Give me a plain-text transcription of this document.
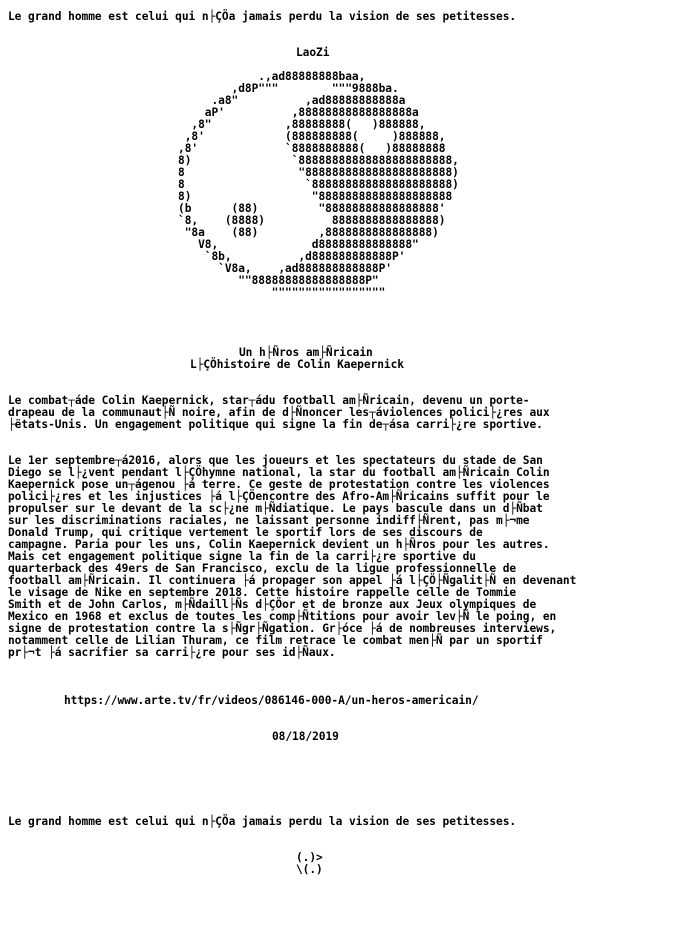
Le grand homme est celui qui n├ÇÖa jamais perdu la vision de ses petitesses.
LaoZi
.,ad88888888baa,
,d8P"""        """9888ba.
.a8"          ,ad88888888888a
aP'          ,88888888888888888a
,8"           ,88888888(   )888888,
,8'            (888888888(     )888888,
,8'             `8888888888(   )88888888
8)               `88888888888888888888888,
8                 "8888888888888888888888)
8                  `888888888888888888888)
8)                  "88888888888888888888
(b      (88)         "88888888888888888'
`8,    (8888)          8888888888888888)
"8a    (88)         ,8888888888888888)
V8,              d88888888888888"
`8b,          ,d888888888888P'
`V8a,    ,ad888888888888P'
""88888888888888888P"
"""""""""""""""""
Un h├Ñros am├Ñricain
L├ÇÖhistoire de Colin Kaepernick
Le combat┬áde Colin Kaepernick, star┬ádu football am├Ñricain, devenu un porte-
drapeau de la communaut├Ñ noire, afin de d├Ñnoncer les┬áviolences polici├¿res aux
├ëtats-Unis. Un engagement politique qui signe la fin de┬ása carri├¿re sportive.
Le 1er septembre┬á2016, alors que les joueurs et les spectateurs du stade de San
Diego se l├¿vent pendant l├ÇÖhymne national, la star du football am├Ñricain Colin
Kaepernick pose un┬ágenou ├á terre. Ce geste de protestation contre les violences
polici├¿res et les injustices ├á l├ÇÖencontre des Afro-Am├Ñricains suffit pour le
propulser sur le devant de la sc├¿ne m├Ñdiatique. Le pays bascule dans un d├Ñbat
sur les discriminations raciales, ne laissant personne indiff├Ñrent, pas m├¬me
Donald Trump, qui critique vertement le sportif lors de ses discours de
campagne. Paria pour les uns, Colin Kaepernick devient un h├Ñros pour les autres.
Mais cet engagement politique signe la fin de la carri├¿re sportive du
quarterback des 49ers de San Francisco, exclu de la ligue professionnelle de
football am├Ñricain. Il continuera ├á propager son appel ├á l├ÇÖ├Ñgalit├Ñ en devenant
le visage de Nike en septembre 2018. Cette histoire rappelle celle de Tommie
Smith et de John Carlos, m├Ñdaill├Ñs d├ÇÖor et de bronze aux Jeux olympiques de
Mexico en 1968 et exclus de toutes les comp├Ñtitions pour avoir lev├Ñ le poing, en
signe de protestation contre la s├Ñgr├Ñgation. Gr├óce ├á de nombreuses interviews,
notamment celle de Lilian Thuram, ce film retrace le combat men├Ñ par un sportif
pr├¬t ├á sacrifier sa carri├¿re pour ses id├Ñaux.
https://www.arte.tv/fr/videos/086146-000-A/un-heros-americain/
08/18/2019
Le grand homme est celui qui n├ÇÖa jamais perdu la vision de ses petitesses.
(.)>
\(.)
